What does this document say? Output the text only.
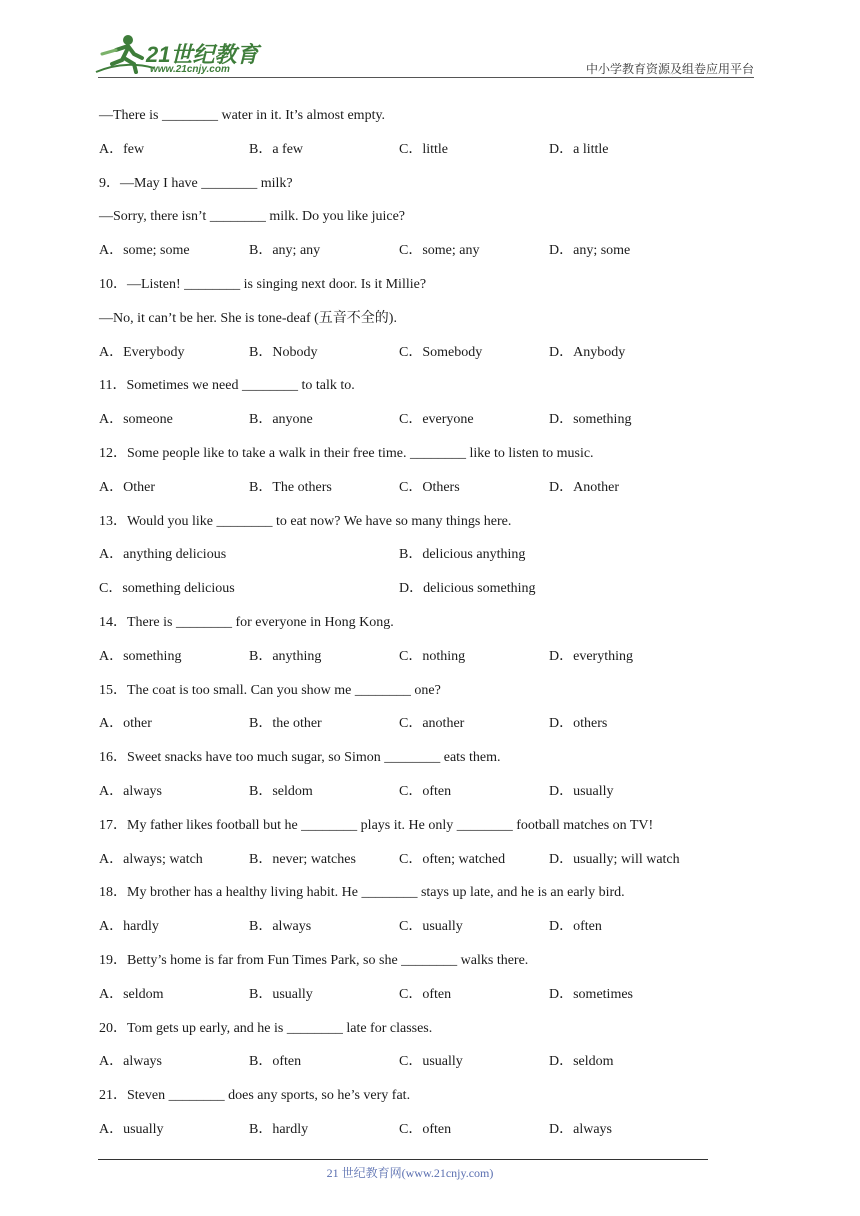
21世纪教育
www.21cnjy.com	中小学教育资源及组卷应用平台
—There is ________ water in it. It’s almost empty.
A．few	B．a few	C．little	D．a little
9．—May I have ________ milk?
—Sorry, there isn’t ________ milk. Do you like juice?
A．some; some	B．any; any	C．some; any	D．any; some
10．—Listen! ________ is singing next door. Is it Millie?
—No, it can’t be her. She is tone-deaf (五音不全的).
A．Everybody	B．Nobody	C．Somebody	D．Anybody
11．Sometimes we need ________ to talk to.
A．someone	B．anyone	C．everyone	D．something
12．Some people like to take a walk in their free time. ________ like to listen to music.
A．Other	B．The others	C．Others	D．Another
13．Would you like ________ to eat now? We have so many things here.
A．anything delicious	B．delicious anything
C．something delicious	D．delicious something
14．There is ________ for everyone in Hong Kong.
A．something	B．anything	C．nothing	D．everything
15．The coat is too small. Can you show me ________ one?
A．other	B．the other	C．another	D．others
16．Sweet snacks have too much sugar, so Simon ________ eats them.
A．always	B．seldom	C．often	D．usually
17．My father likes football but he ________ plays it. He only ________ football matches on TV!
A．always; watch	B．never; watches	C．often; watched	D．usually; will watch
18．My brother has a healthy living habit. He ________ stays up late, and he is an early bird.
A．hardly	B．always	C．usually	D．often
19．Betty’s home is far from Fun Times Park, so she ________ walks there.
A．seldom	B．usually	C．often	D．sometimes
20．Tom gets up early, and he is ________ late for classes.
A．always	B．often	C．usually	D．seldom
21．Steven ________ does any sports, so he’s very fat.
A．usually	B．hardly	C．often	D．always
21 世纪教育网(www.21cnjy.com)
